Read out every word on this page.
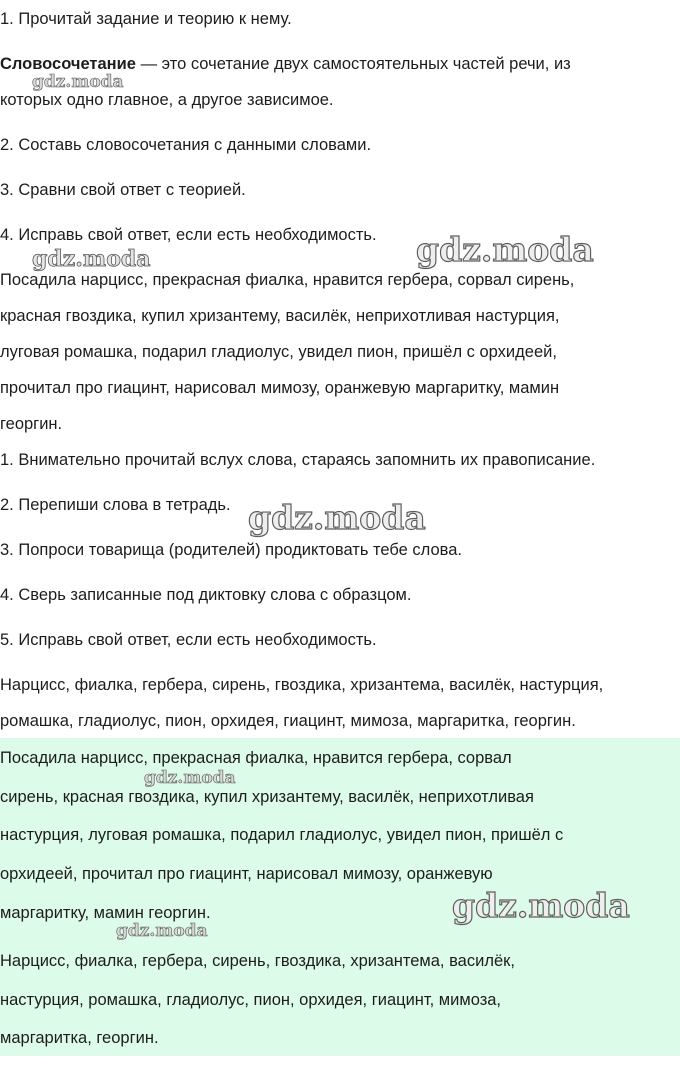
1. Прочитай задание и теорию к нему.

Словосочетание — это сочетание двух самостоятельных частей речи, из

которых одно главное, а другое зависимое.

2. Составь словосочетания с данными словами.

3. Сравни свой ответ с теорией.

4. Исправь свой ответ, если есть необходимость.

Посадила нарцисс, прекрасная фиалка, нравится гербера, сорвал сирень,

красная гвоздика, купил хризантему, василёк, неприхотливая настурция,

луговая ромашка, подарил гладиолус, увидел пион, пришёл с орхидеей,

прочитал про гиацинт, нарисовал мимозу, оранжевую маргаритку, мамин

георгин.

1. Внимательно прочитай вслух слова, стараясь запомнить их правописание.

2. Перепиши слова в тетрадь.

3. Попроси товарища (родителей) продиктовать тебе слова.

4. Сверь записанные под диктовку слова с образцом.

5. Исправь свой ответ, если есть необходимость.

Нарцисс, фиалка, гербера, сирень, гвоздика, хризантема, василёк, настурция,

ромашка, гладиолус, пион, орхидея, гиацинт, мимоза, маргаритка, георгин.

Посадила нарцисс, прекрасная фиалка, нравится гербера, сорвал

сирень, красная гвоздика, купил хризантему, василёк, неприхотливая

настурция, луговая ромашка, подарил гладиолус, увидел пион, пришёл с

орхидеей, прочитал про гиацинт, нарисовал мимозу, оранжевую

маргаритку, мамин георгин.

Нарцисс, фиалка, гербера, сирень, гвоздика, хризантема, василёк,

настурция, ромашка, гладиолус, пион, орхидея, гиацинт, мимоза,

маргаритка, георгин.

gdz.moda
gdz.moda	gdz.moda
gdz.moda
gdz.moda
gdz.moda
gdz.moda
